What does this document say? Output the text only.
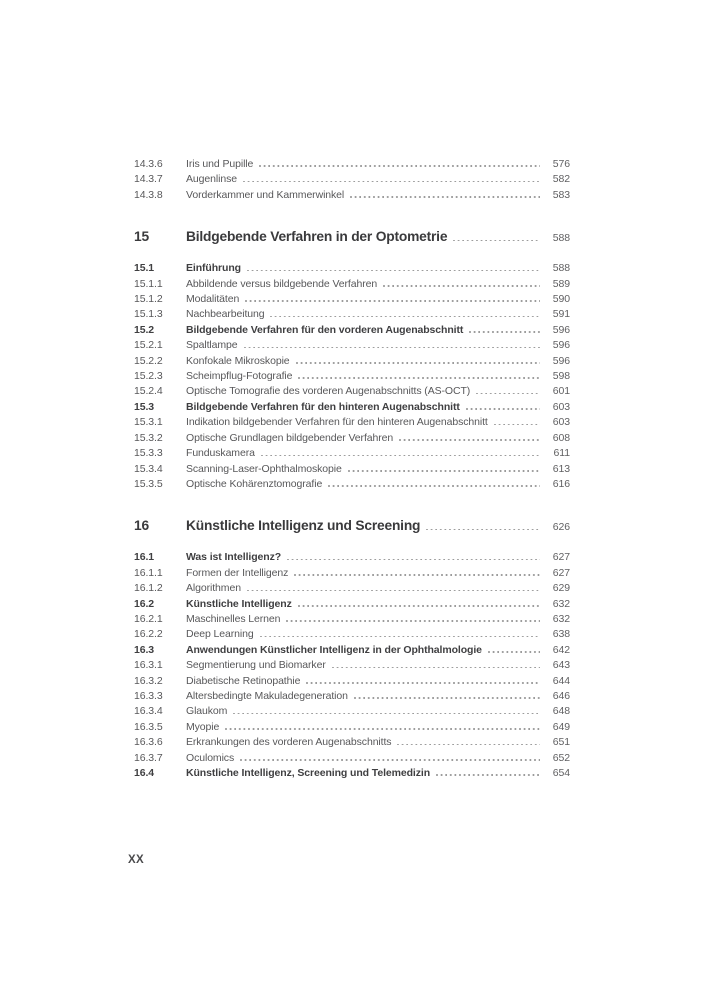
14.3.6	Iris und Pupille	576
14.3.7	Augenlinse	582
14.3.8	Vorderkammer und Kammerwinkel	583
15	Bildgebende Verfahren in der Optometrie	588
15.1	Einführung	588
15.1.1	Abbildende versus bildgebende Verfahren	589
15.1.2	Modalitäten	590
15.1.3	Nachbearbeitung	591
15.2	Bildgebende Verfahren für den vorderen Augenabschnitt	596
15.2.1	Spaltlampe	596
15.2.2	Konfokale Mikroskopie	596
15.2.3	Scheimpflug-Fotografie	598
15.2.4	Optische Tomografie des vorderen Augenabschnitts (AS-OCT)	601
15.3	Bildgebende Verfahren für den hinteren Augenabschnitt	603
15.3.1	Indikation bildgebender Verfahren für den hinteren Augenabschnitt	603
15.3.2	Optische Grundlagen bildgebender Verfahren	608
15.3.3	Funduskamera	611
15.3.4	Scanning-Laser-Ophthalmoskopie	613
15.3.5	Optische Kohärenztomografie	616
16	Künstliche Intelligenz und Screening	626
16.1	Was ist Intelligenz?	627
16.1.1	Formen der Intelligenz	627
16.1.2	Algorithmen	629
16.2	Künstliche Intelligenz	632
16.2.1	Maschinelles Lernen	632
16.2.2	Deep Learning	638
16.3	Anwendungen Künstlicher Intelligenz in der Ophthalmologie	642
16.3.1	Segmentierung und Biomarker	643
16.3.2	Diabetische Retinopathie	644
16.3.3	Altersbedingte Makuladegeneration	646
16.3.4	Glaukom	648
16.3.5	Myopie	649
16.3.6	Erkrankungen des vorderen Augenabschnitts	651
16.3.7	Oculomics	652
16.4	Künstliche Intelligenz, Screening und Telemedizin	654
XX
